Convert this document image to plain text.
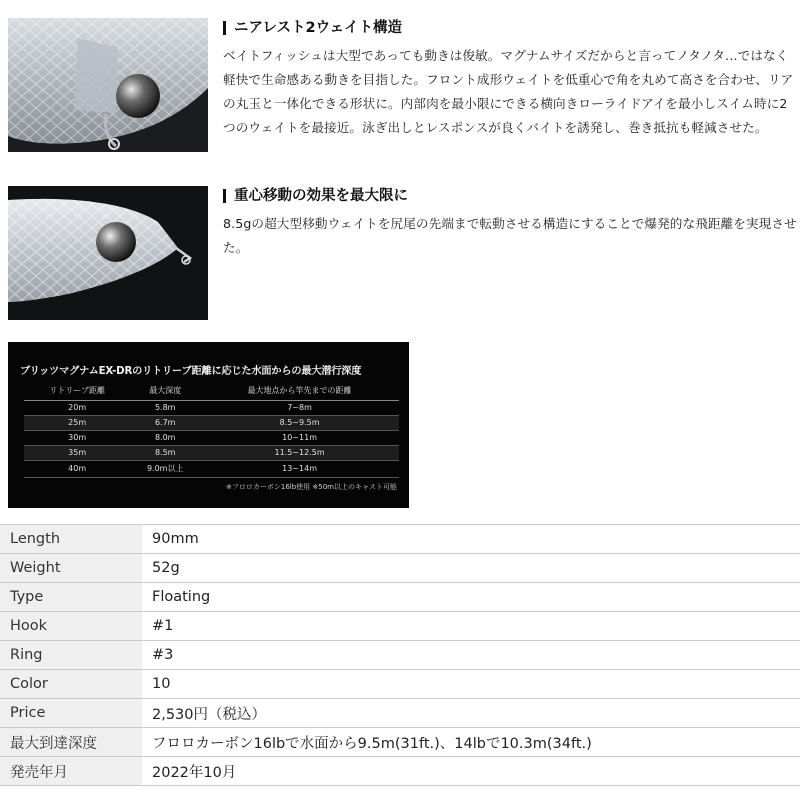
ニアレスト2ウェイト構造

ベイトフィッシュは大型であっても動きは俊敏。マグナムサイズだからと言ってノタノタ…ではなく軽快で生命感ある動きを目指した。フロント成形ウェイトを低重心で角を丸めて高さを合わせ、リアの丸玉と一体化できる形状に。内部肉を最小限にできる横向きローライドアイを最小しスイム時に2つのウェイトを最接近。泳ぎ出しとレスポンスが良くバイトを誘発し、巻き抵抗も軽減させた。

重心移動の効果を最大限に

8.5gの超大型移動ウェイトを尻尾の先端まで転動させる構造にすることで爆発的な飛距離を実現させた。

ブリッツマグナムEX-DRのリトリーブ距離に応じた水面からの最大潜行深度
リトリーブ距離	最大深度	最大地点から竿先までの距離
20m	5.8m	7~8m
25m	6.7m	8.5~9.5m
30m	8.0m	10~11m
35m	8.5m	11.5~12.5m
40m	9.0m以上	13~14m
※フロロカーボン16lb使用 ※50m以上のキャスト可能
Length	90mm
Weight	52g
Type	Floating
Hook	#1
Ring	#3
Color	10
Price	2,530円（税込）
最大到達深度	フロロカーボン16lbで水面から9.5m(31ft.)、14lbで10.3m(34ft.)
発売年月	2022年10月
